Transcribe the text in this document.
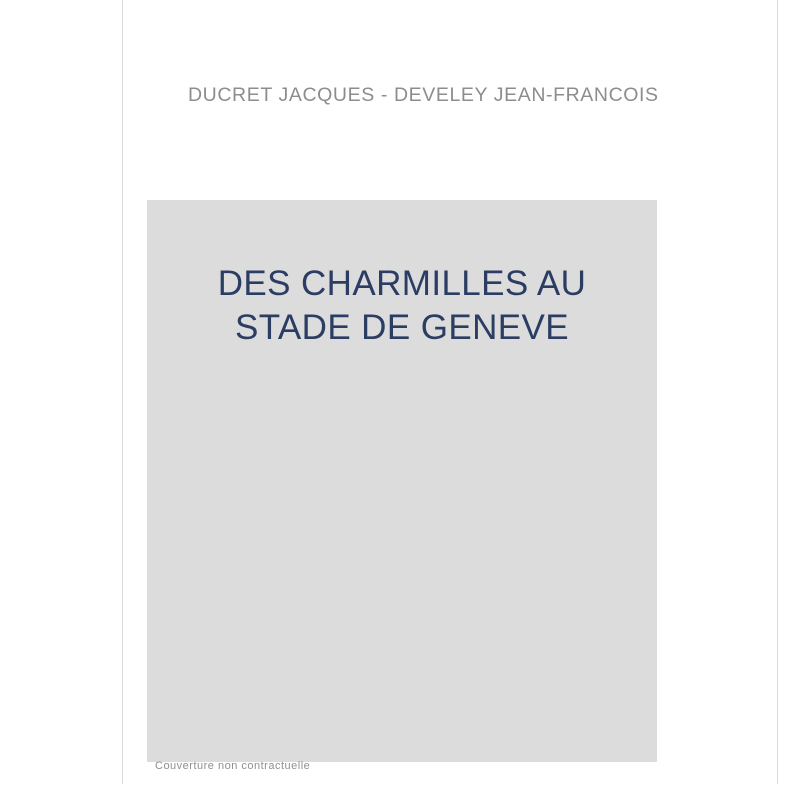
DUCRET JACQUES - DEVELEY JEAN-FRANCOIS
DES CHARMILLES AU STADE DE GENEVE
Couverture non contractuelle
